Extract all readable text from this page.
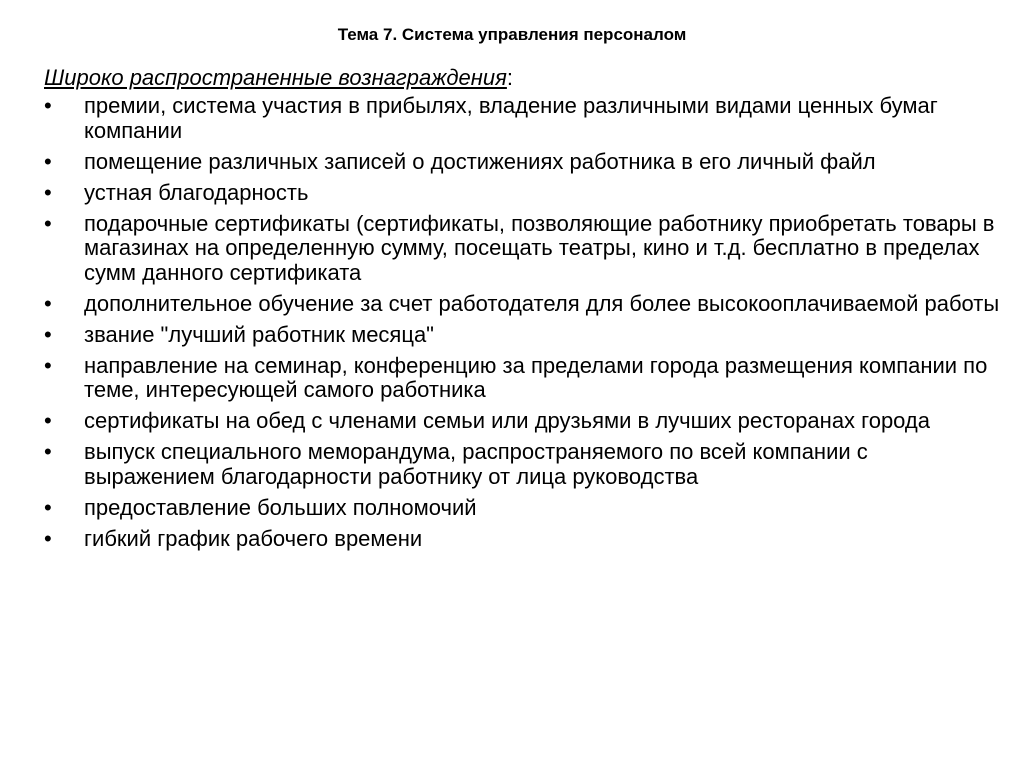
Тема 7. Система управления персоналом
Широко распространенные вознаграждения:
• премии, система участия в прибылях, владение различными видами ценных бумаг компании
• помещение различных записей о достижениях работника в его личный файл
• устная благодарность
• подарочные сертификаты (сертификаты, позволяющие работнику приобретать товары в магазинах на определенную сумму, посещать театры, кино и т.д. бесплатно в пределах сумм данного сертификата
• дополнительное обучение за счет работодателя для более высокооплачиваемой работы
• звание "лучший работник месяца"
• направление на семинар, конференцию за пределами города размещения компании по теме, интересующей самого работника
• сертификаты на обед с членами семьи или друзьями в лучших ресторанах города
• выпуск специального меморандума, распространяемого по всей компании с выражением благодарности работнику от лица руководства
• предоставление больших полномочий
• гибкий график рабочего времени
